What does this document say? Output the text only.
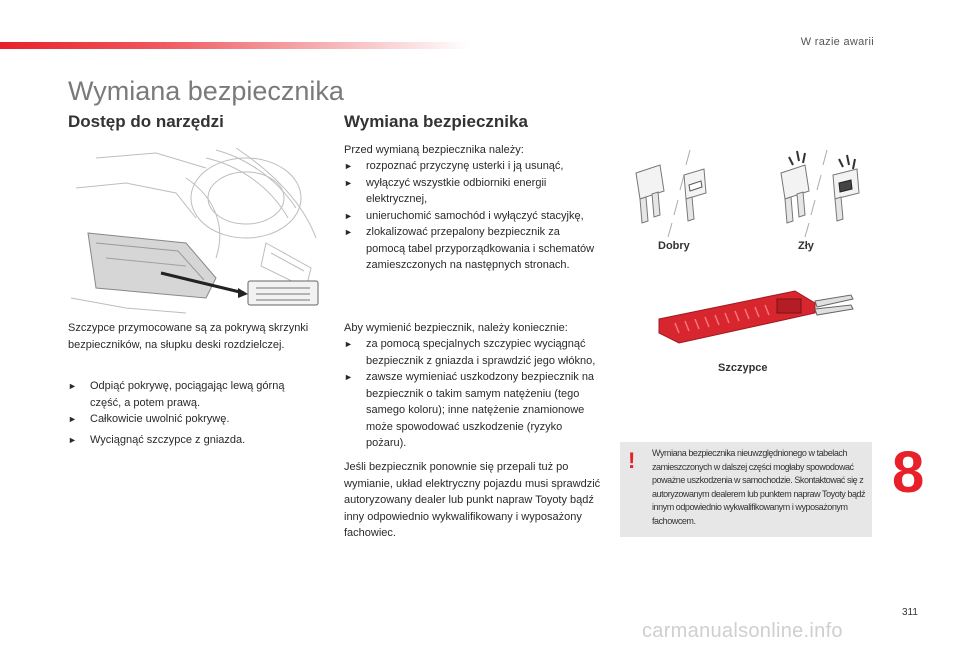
W razie awarii
Wymiana bezpiecznika
Dostęp do narzędzi	Wymiana bezpiecznika
Szczypce przymocowane są za pokrywą skrzynki bezpieczników, na słupku deski rozdzielczej.
► Odpiąć pokrywę, pociągając lewą górną część, a potem prawą.
► Całkowicie uwolnić pokrywę.
► Wyciągnąć szczypce z gniazda.
Przed wymianą bezpiecznika należy:
► rozpoznać przyczynę usterki i ją usunąć,
► wyłączyć wszystkie odbiorniki energii elektrycznej,
► unieruchomić samochód i wyłączyć stacyjkę,
► zlokalizować przepalony bezpiecznik za pomocą tabel przyporządkowania i schematów zamieszczonych na następnych stronach.
Aby wymienić bezpiecznik, należy koniecznie:
► za pomocą specjalnych szczypiec wyciągnąć bezpiecznik z gniazda i sprawdzić jego włókno,
► zawsze wymieniać uszkodzony bezpiecznik na bezpiecznik o takim samym natężeniu (tego samego koloru); inne natężenie znamionowe może spowodować uszkodzenie (ryzyko pożaru).
Jeśli bezpiecznik ponownie się przepali tuż po wymianie, układ elektryczny pojazdu musi sprawdzić autoryzowany dealer lub punkt napraw Toyoty bądź inny odpowiednio wykwalifikowany i wyposażony fachowiec.
Dobry	Zły
Szczypce
! Wymiana bezpiecznika nieuwzględnionego w tabelach zamieszczonych w dalszej części mogłaby spowodować poważne uszkodzenia w samochodzie. Skontaktować się z autoryzowanym dealerem lub punktem napraw Toyoty bądź innym odpowiednio wykwalifikowanym i wyposażonym fachowcem.
8
311
carmanualsonline.info
